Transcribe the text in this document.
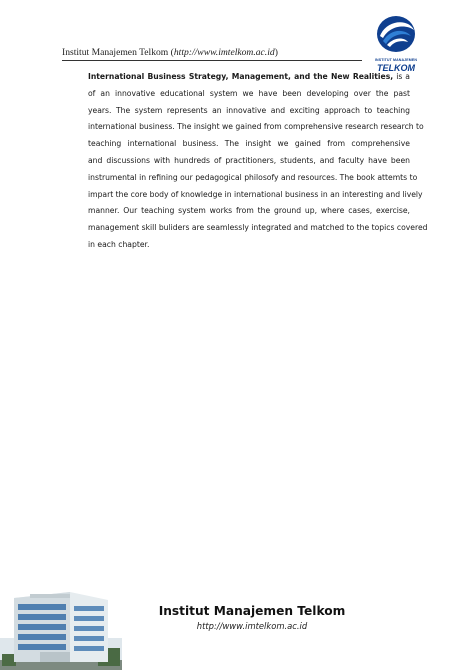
Institut Manajemen Telkom (http://www.imtelkom.ac.id)
INSTITUT MANAJEMEN
TELKOM
International Business Strategy, Management, and the New Realities, is a
of an innovative educational system we have been developing over the past
years. The system represents an innovative and exciting approach to teaching
international business. The insight we gained from comprehensive research research to
teaching international business. The insight we gained from comprehensive
and discussions with hundreds of practitioners, students, and faculty have been
instrumental in refining our pedagogical philosofy and resources. The book attemts to
impart the core body of knowledge in international business in an interesting and lively
manner. Our teaching system works from the ground up, where cases, exercise,
management skill buliders are seamlessly integrated and matched to the topics covered
in each chapter.
Institut Manajemen Telkom
http://www.imtelkom.ac.id
